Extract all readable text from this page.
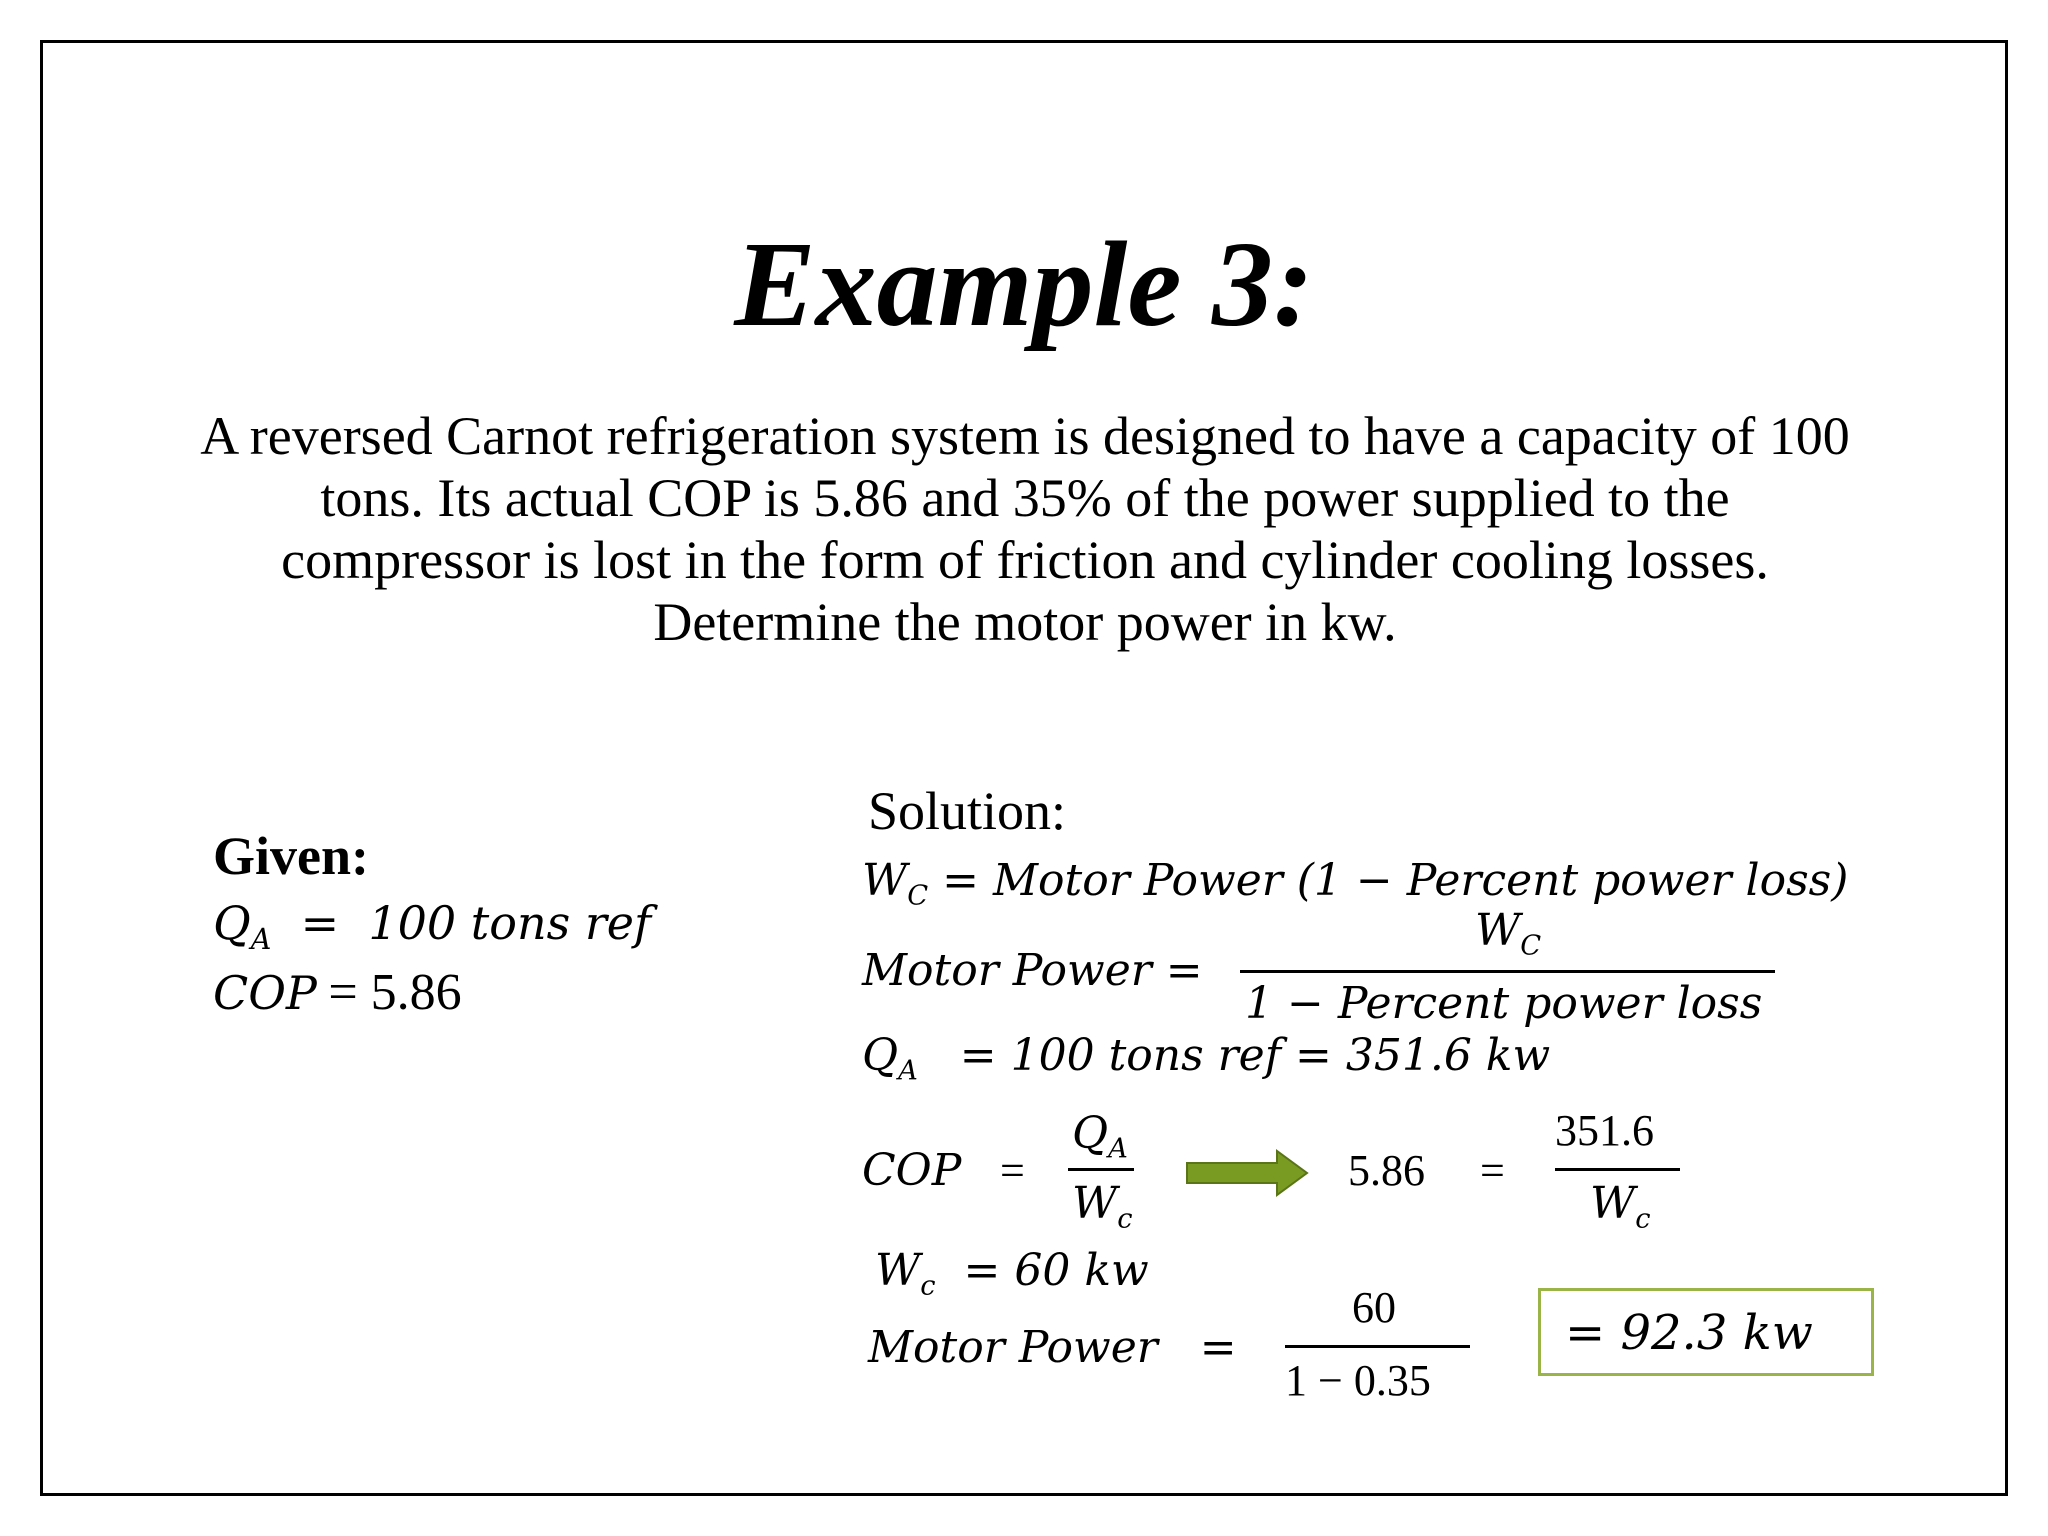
Example 3:
A reversed Carnot refrigeration system is designed to have a capacity of 100 tons. Its actual COP is 5.86 and 35% of the power supplied to the compressor is lost in the form of friction and cylinder cooling losses. Determine the motor power in kw.
Given:
$Q_A = 100$ tons ref
COP = 5.86
Solution:
$W_C$ = Motor Power (1 − Percent power loss)
Motor Power =
$W_C$
1 − Percent power loss
$Q_A = 100$ tons ref = 351.6 kw
COP =
$Q_A$
$W_c$
5.86 =
351.6
$W_c$
$W_c = 60$ kw
Motor Power =
60
1 − 0.35
= 92.3 kw
